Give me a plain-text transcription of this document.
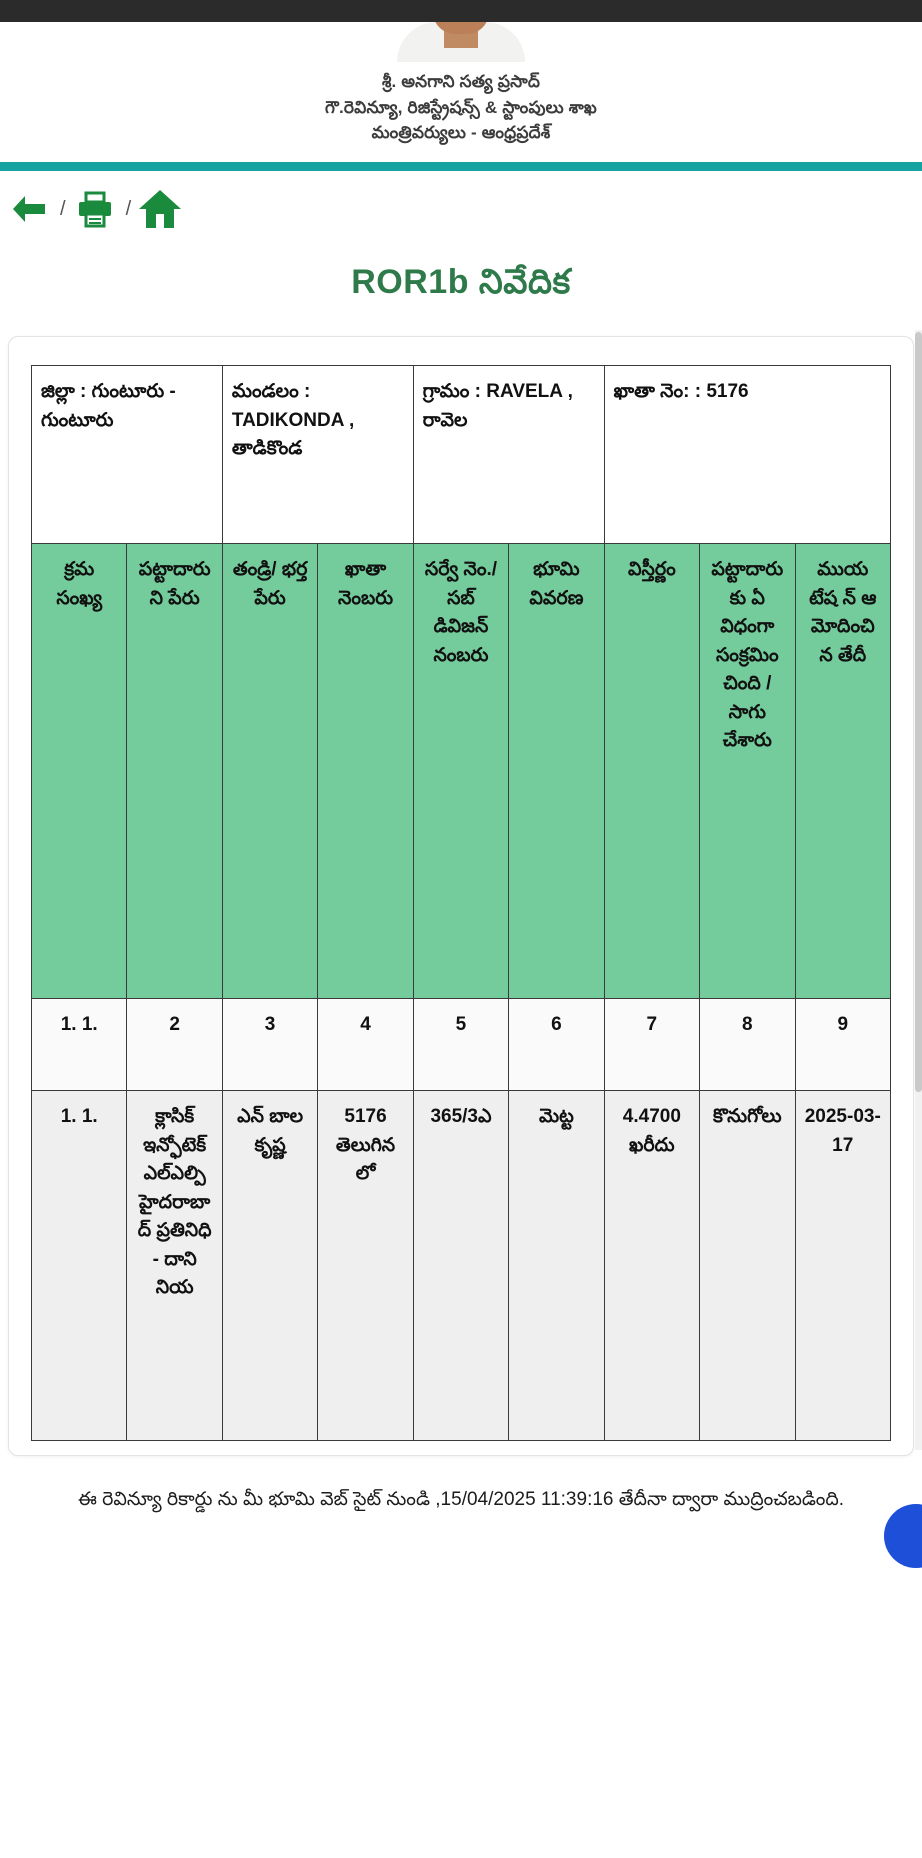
శ్రీ. అనగాని సత్య ప్రసాద్
గౌ.రెవిన్యూ, రిజిస్ట్రేషన్స్ & స్టాంపులు శాఖ
మంత్రివర్యులు - ఆంధ్రప్రదేశ్
/	/
ROR1b నివేదిక
జిల్లా : గుంటూరు - గుంటూరు		మండలం : TADIKONDA , తాడికొండ		గ్రామం : RAVELA , రావెల		ఖాతా నెం: : 5176		
క్రమ సంఖ్య	పట్టాదారుని పేరు	తండ్రి/ భర్త పేరు	ఖాతా నెంబరు	సర్వే నెం./ సబ్ డివిజన్ నంబరు	భూమి వివరణ	విస్తీర్ణం	పట్టాదారుకు ఏ విధంగా సంక్రమించింది / సాగు చేశారు	ముయ టేష న్ ఆ మోదించిన తేదీ
1. 1.	2	3	4	5	6	7	8	9
1. 1.	క్లాసిక్ ఇన్ఫోటెక్ ఎల్ఎల్పి హైదరాబాద్ ప్రతినిధి - దాని నియ	ఎన్ బాల కృష్ణ	5176 తెలుగిన లో	365/3ఎ	మెట్ట	4.4700 ఖరీదు	కొనుగోలు	2025-03-17
ఈ రెవిన్యూ రికార్డు ను మీ భూమి వెబ్ సైట్ నుండి ,15/04/2025 11:39:16 తేదీనా ద్వారా ముద్రించబడింది.
